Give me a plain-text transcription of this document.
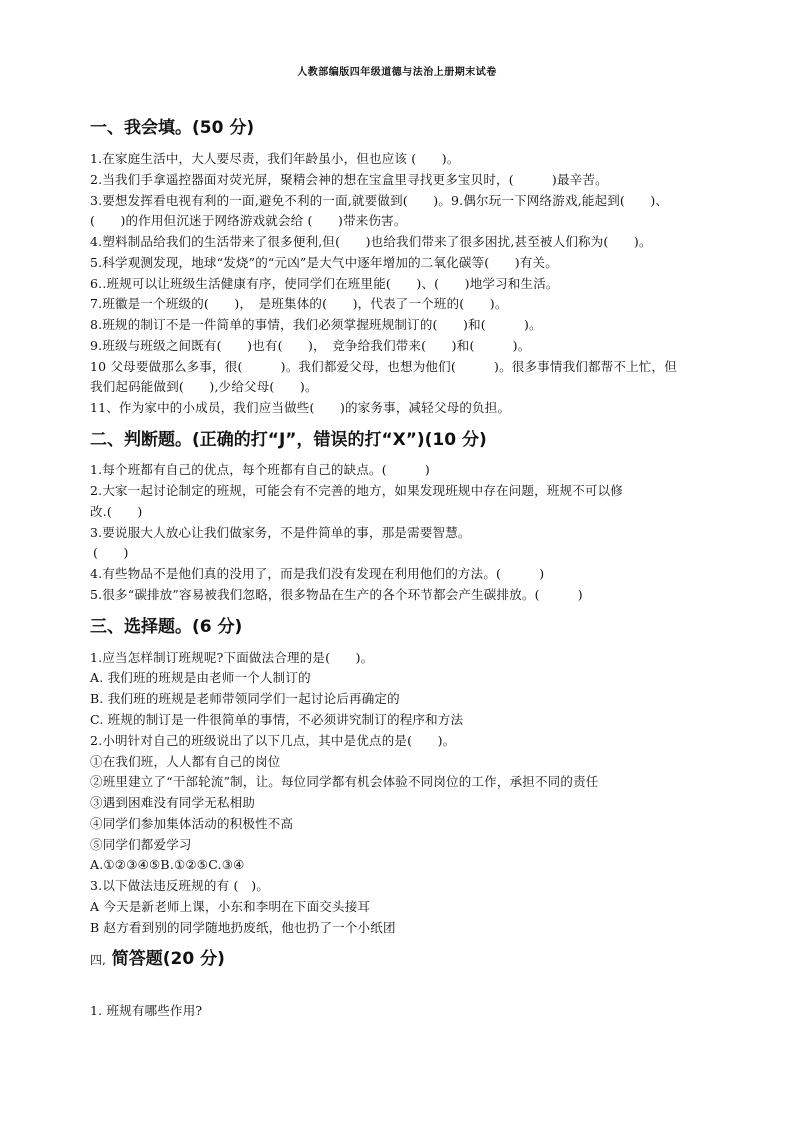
人教部编版四年级道德与法治上册期末试卷
一、我会填。(50 分)
1.在家庭生活中，大人要尽责，我们年龄虽小，但也应该 (　　)。
2.当我们手拿遥控器面对荧光屏，聚精会神的想在宝盒里寻找更多宝贝时，(　　　)最辛苦。
3.要想发挥看电视有利的一面,避免不利的一面,就要做到(　　)。9.偶尔玩一下网络游戏,能起到(　　)、
(　　)的作用但沉迷于网络游戏就会给 (　　)带来伤害。
4.塑料制品给我们的生活带来了很多便利,但(　　)也给我们带来了很多困扰,甚至被人们称为(　　)。
5.科学观测发现，地球“发烧”的“元凶”是大气中逐年增加的二氧化碳等(　　)有关。
6..班规可以让班级生活健康有序，使同学们在班里能(　　)、(　　)地学习和生活。
7.班徽是一个班级的(　　)，　是班集体的(　　)，代表了一个班的(　　)。
8.班规的制订不是一件简单的事情，我们必须掌握班规制订的(　　)和(　　　)。
9.班级与班级之间既有(　　)也有(　　)，　竞争给我们带来(　　)和(　　　)。
10 父母要做那么多事，很(　　　)。我们都爱父母，也想为他们(　　　)。很多事情我们都帮不上忙，但
我们起码能做到(　　),少给父母(　　)。
11、作为家中的小成员，我们应当做些(　　)的家务事，减轻父母的负担。
二、判断题。(正确的打“J”，错误的打“X”)(10 分)
1.每个班都有自己的优点，每个班都有自己的缺点。(　　　)
2.大家一起讨论制定的班规，可能会有不完善的地方，如果发现班规中存在问题，班规不可以修
改.(　　)
3.要说服大人放心让我们做家务，不是件简单的事，那是需要智慧。
(　　)
4.有些物品不是他们真的没用了，而是我们没有发现在利用他们的方法。(　　　)
5.很多“碳排放”容易被我们忽略，很多物品在生产的各个环节都会产生碳排放。(　　　)
三、选择题。(6 分)
1.应当怎样制订班规呢?下面做法合理的是(　　)。
A. 我们班的班规是由老师一个人制订的
B. 我们班的班规是老师带领同学们一起讨论后再确定的
C. 班规的制订是一件很简单的事情，不必须讲究制订的程序和方法
2.小明针对自己的班级说出了以下几点，其中是优点的是(　　)。
①在我们班，人人都有自己的岗位
②班里建立了“干部轮流”制，让。每位同学都有机会体验不同岗位的工作，承担不同的责任
③遇到困难没有同学无私相助
④同学们参加集体活动的积极性不高
⑤同学们都爱学习
A.①②③④⑤B.①②⑤C.③④
3.以下做法违反班规的有 (　)。
A 今天是新老师上课，小东和李明在下面交头接耳
B 赵方看到别的同学随地扔废纸，他也扔了一个小纸团
四, 简答题(20 分)
1. 班规有哪些作用?
